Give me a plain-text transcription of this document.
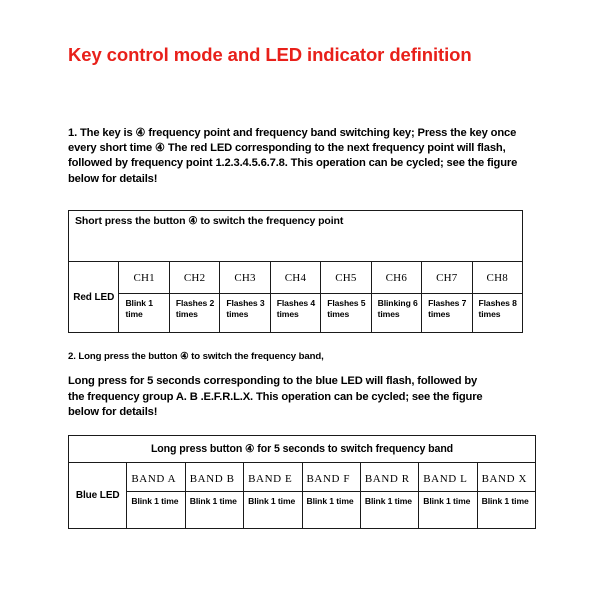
Key control mode and LED indicator definition
1. The key is ④ frequency point and frequency band switching key; Press the key once every short time ④ The red LED corresponding to the next frequency point will flash, followed by frequency point 1.2.3.4.5.6.7.8. This operation can be cycled; see the figure below for details!
Short press the button ④ to switch the frequency point								
Red LED	CH1	CH2	CH3	CH4	CH5	CH6	CH7	CH8
	Blink 1 time	Flashes 2 times	Flashes 3 times	Flashes 4 times	Flashes 5 times	Blinking 6 times	Flashes 7 times	Flashes 8 times
2. Long press the button ④ to switch the frequency band,
Long press for 5 seconds corresponding to the blue LED will flash, followed by the frequency group A. B .E.F.R.L.X. This operation can be cycled; see the figure below for details!
Long press button ④ for 5 seconds to switch frequency band							
Blue LED	BAND A	BAND B	BAND E	BAND F	BAND R	BAND L	BAND X
	Blink 1 time	Blink 1 time	Blink 1 time	Blink 1 time	Blink 1 time	Blink 1 time	Blink 1 time
